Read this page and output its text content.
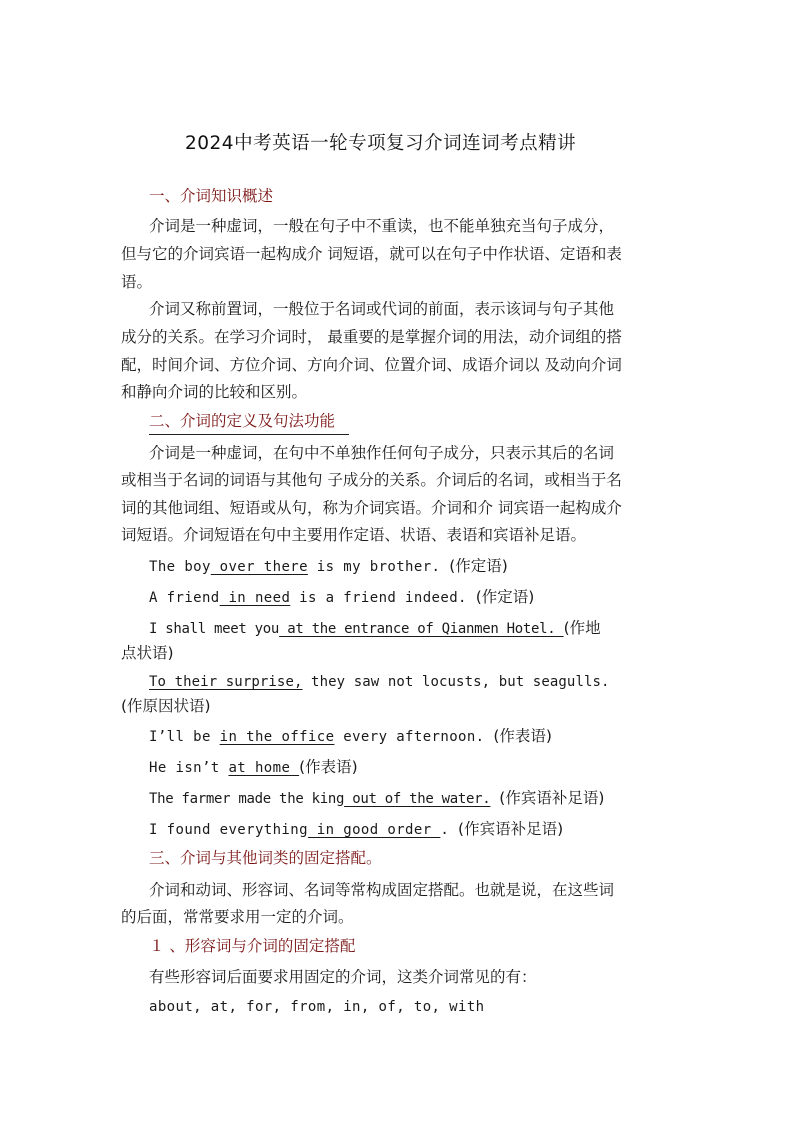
2024中考英语一轮专项复习介词连词考点精讲
一、介词知识概述
介词是一种虚词，一般在句子中不重读，也不能单独充当句子成分，
但与它的介词宾语一起构成介 词短语，就可以在句子中作状语、定语和表
语。
介词又称前置词，一般位于名词或代词的前面，表示该词与句子其他
成分的关系。在学习介词时， 最重要的是掌握介词的用法，动介词组的搭
配，时间介词、方位介词、方向介词、位置介词、成语介词以 及动向介词
和静向介词的比较和区别。
二、介词的定义及句法功能
介词是一种虚词，在句中不单独作任何句子成分，只表示其后的名词
或相当于名词的词语与其他句 子成分的关系。介词后的名词，或相当于名
词的其他词组、短语或从句，称为介词宾语。介词和介 词宾语一起构成介
词短语。介词短语在句中主要用作定语、状语、表语和宾语补足语。
The boy over there is my brother. (作定语)
A friend in need is a friend indeed. (作定语)
I shall meet you at the entrance of Qianmen Hotel. (作地
点状语)
To their surprise, they saw not locusts, but seagulls.
(作原因状语)
I’ll be in the office every afternoon. (作表语)
He isn’t at home (作表语)
The farmer made the king out of the water. (作宾语补足语)
I found everything in good order . (作宾语补足语)
三、介词与其他词类的固定搭配。
介词和动词、形容词、名词等常构成固定搭配。也就是说，在这些词
的后面，常常要求用一定的介词。
１ 、形容词与介词的固定搭配
有些形容词后面要求用固定的介词，这类介词常见的有：
about, at, for, from, in, of, to, with
